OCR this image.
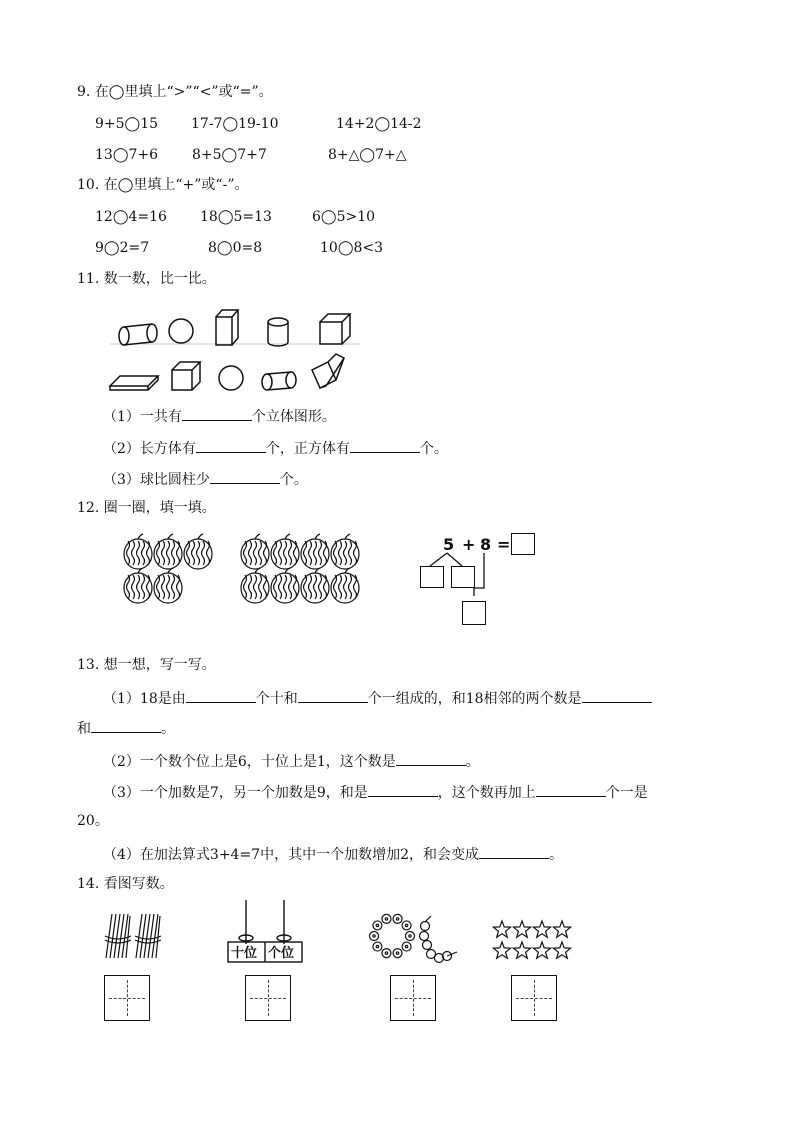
9. 在◯里填上“>”“<”或“=”。
9+5◯15 17-7◯19-10	14+2◯14-2
13◯7+6 8+5◯7+7	8+△◯7+△
10. 在◯里填上“+”或“-”。
12◯4=16 18◯5=13	6◯5>10
9◯2=7	8◯0=8	10◯8<3
11. 数一数，比一比。
（1）一共有	个立体图形。
（2）长方体有	个，正方体有	个。
（3）球比圆柱少	个。
12. 圈一圈，填一填。
5 + 8 =
13. 想一想，写一写。
（1）18是由	个十和	个一组成的，和18相邻的两个数是
和	。
（2）一个数个位上是6，十位上是1，这个数是	。
（3）一个加数是7，另一个加数是9，和是	，这个数再加上	个一是
20。
（4）在加法算式3+4=7中，其中一个加数增加2，和会变成	。
14. 看图写数。
十位 个位
